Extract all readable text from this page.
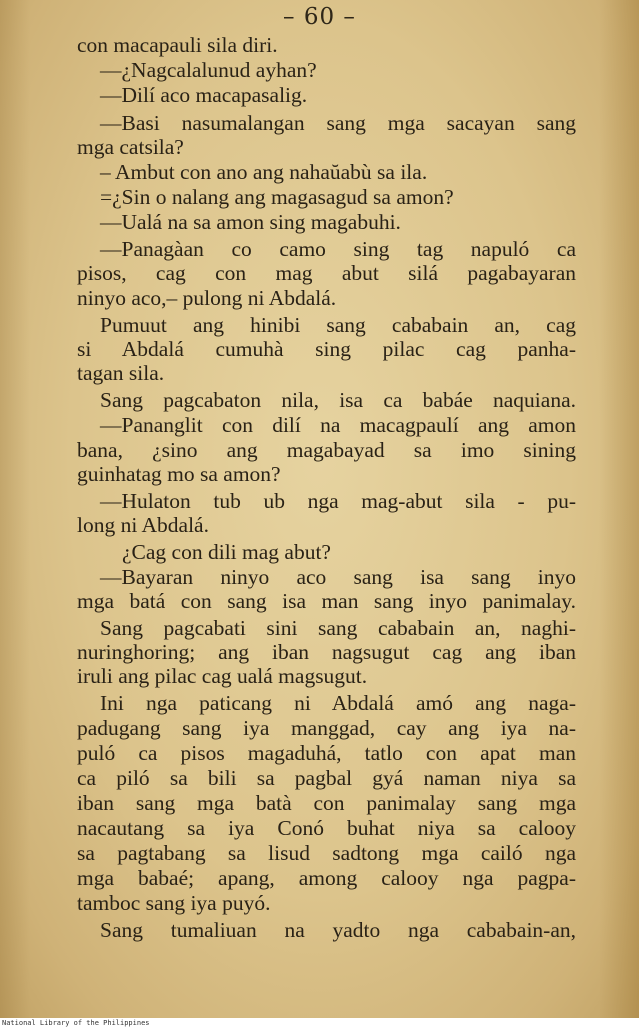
– 60 –
con macapauli sila diri.
—¿Nagcalalunud ayhan?
—Dilí aco macapasalig.
—Basi nasumalangan sang mga sacayan sang
mga catsila?
– Ambut con ano ang nahaŭabù sa ila.
=¿Sin o nalang ang magasagud sa amon?
—Ualá na sa amon sing magabuhi.
—Panagàan co camo sing tag napuló ca
pisos, cag con mag abut silá pagabayaran
ninyo aco,– pulong ni Abdalá.
Pumuut ang hinibi sang cababain an, cag
si Abdalá cumuhà sing pilac cag panha-
tagan sila.
Sang pagcabaton nila, isa ca babáe naquiana.
—Pananglit con dilí na macagpaulí ang amon
bana, ¿sino ang magabayad sa imo sining
guinhatag mo sa amon?
—Hulaton tub ub nga mag-abut sila - pu-
long ni Abdalá.
¿Cag con dili mag abut?
—Bayaran ninyo aco sang isa sang inyo
mga batá con sang isa man sang inyo panimalay.
Sang pagcabati sini sang cababain an, naghi-
nuringhoring; ang iban nagsugut cag ang iban
iruli ang pilac cag ualá magsugut.
Ini nga paticang ni Abdalá amó ang naga-
padugang sang iya manggad, cay ang iya na-
puló ca pisos magaduhá, tatlo con apat man
ca piló sa bili sa pagbal gyá naman niya sa
iban sang mga batà con panimalay sang mga
nacautang sa iya Conó buhat niya sa calooy
sa pagtabang sa lisud sadtong mga cailó nga
mga babaé; apang, among calooy nga pagpa-
tamboc sang iya puyó.
Sang tumaliuan na yadto nga cababain-an,
National Library of the Philippines
